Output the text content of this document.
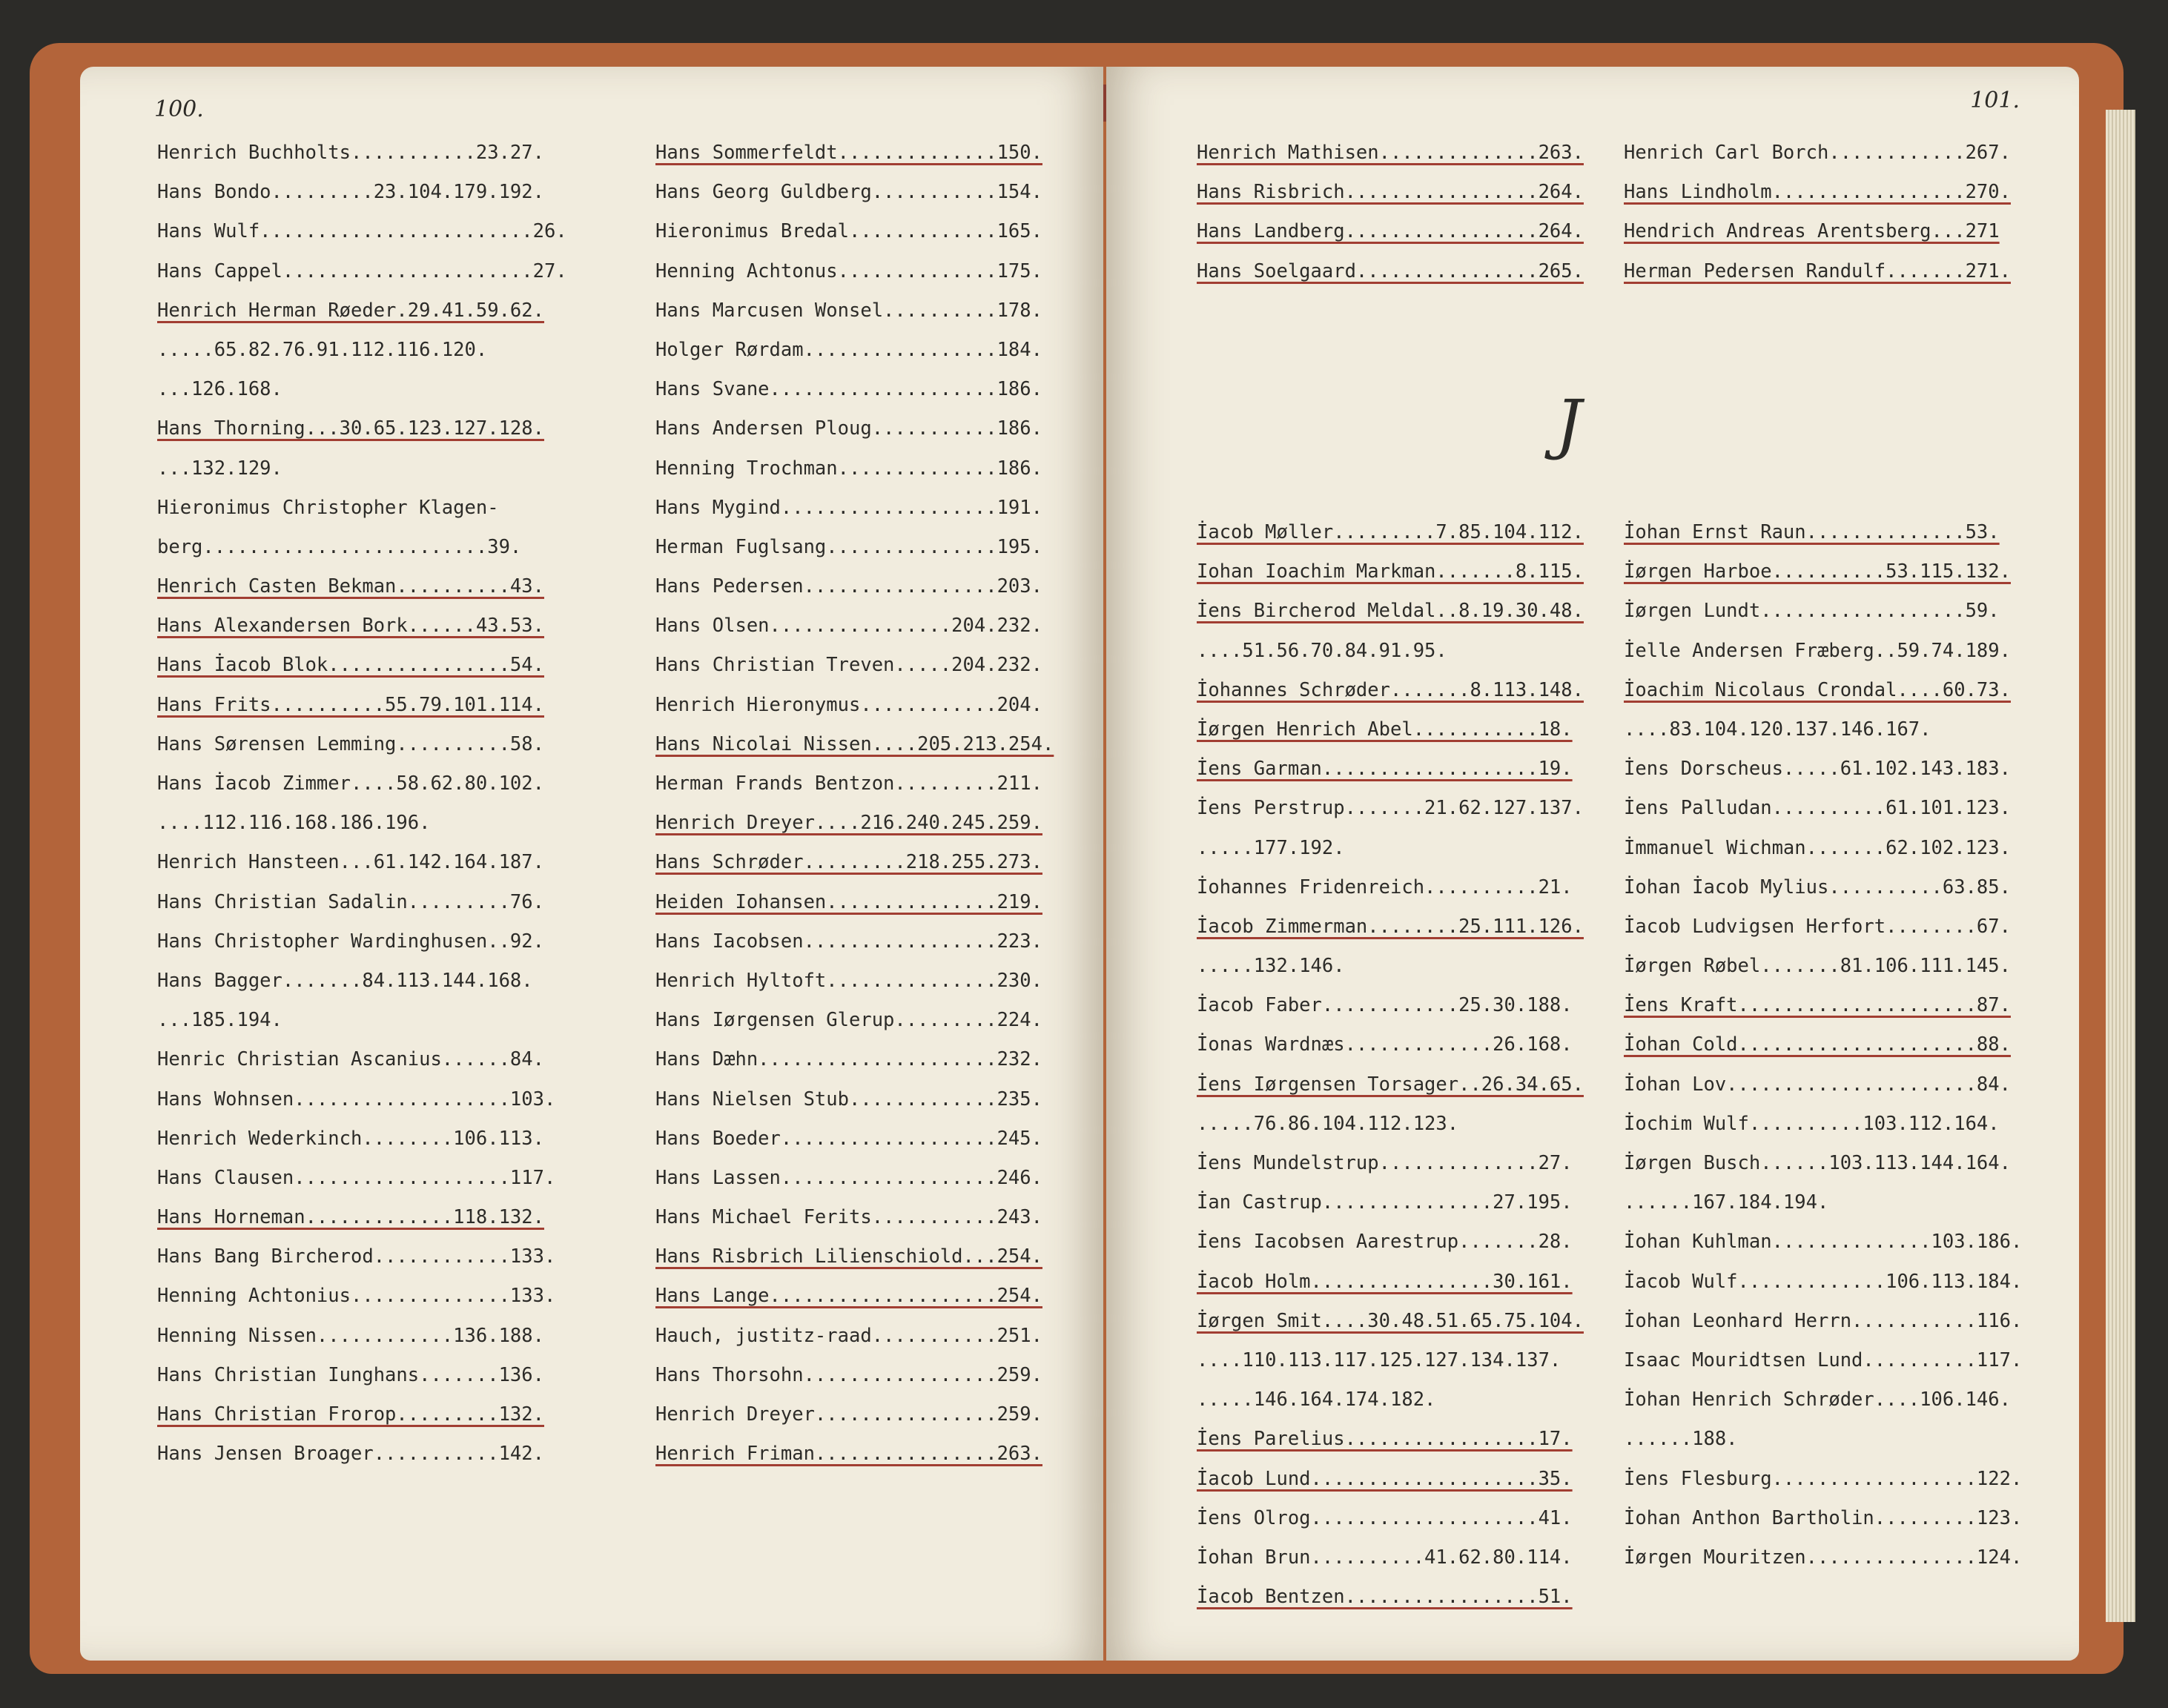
100.	101.
Henrich Buchholts...........23.27.
Hans Bondo.........23.104.179.192.
Hans Wulf........................26.
Hans Cappel......................27.
Henrich Herman Røeder.29.41.59.62.
.....65.82.76.91.112.116.120.
...126.168.
Hans Thorning...30.65.123.127.128.
...132.129.
Hieronimus Christopher Klagen-
berg.........................39.
Henrich Casten Bekman..........43.
Hans Alexandersen Bork......43.53.
Hans İacob Blok................54.
Hans Frits..........55.79.101.114.
Hans Sørensen Lemming..........58.
Hans İacob Zimmer....58.62.80.102.
....112.116.168.186.196.
Henrich Hansteen...61.142.164.187.
Hans Christian Sadalin.........76.
Hans Christopher Wardinghusen..92.
Hans Bagger.......84.113.144.168.
...185.194.
Henric Christian Ascanius......84.
Hans Wohnsen...................103.
Henrich Wederkinch........106.113.
Hans Clausen...................117.
Hans Horneman.............118.132.
Hans Bang Bircherod............133.
Henning Achtonius..............133.
Henning Nissen............136.188.
Hans Christian Iunghans.......136.
Hans Christian Frorop.........132.
Hans Jensen Broager...........142.
Hans Sommerfeldt..............150.
Hans Georg Guldberg...........154.
Hieronimus Bredal.............165.
Henning Achtonus..............175.
Hans Marcusen Wonsel..........178.
Holger Rørdam.................184.
Hans Svane....................186.
Hans Andersen Ploug...........186.
Henning Trochman..............186.
Hans Mygind...................191.
Herman Fuglsang...............195.
Hans Pedersen.................203.
Hans Olsen................204.232.
Hans Christian Treven.....204.232.
Henrich Hieronymus............204.
Hans Nicolai Nissen....205.213.254.
Herman Frands Bentzon.........211.
Henrich Dreyer....216.240.245.259.
Hans Schrøder.........218.255.273.
Heiden Iohansen...............219.
Hans Iacobsen.................223.
Henrich Hyltoft...............230.
Hans Iørgensen Glerup.........224.
Hans Dæhn.....................232.
Hans Nielsen Stub.............235.
Hans Boeder...................245.
Hans Lassen...................246.
Hans Michael Ferits...........243.
Hans Risbrich Lilienschiold...254.
Hans Lange....................254.
Hauch, justitz-raad...........251.
Hans Thorsohn.................259.
Henrich Dreyer................259.
Henrich Friman................263.
Henrich Mathisen..............263.
Hans Risbrich.................264.
Hans Landberg.................264.
Hans Soelgaard................265.
Henrich Carl Borch............267.
Hans Lindholm.................270.
Hendrich Andreas Arentsberg...271
Herman Pedersen Randulf.......271.
J
İacob Møller.........7.85.104.112.
Iohan Ioachim Markman.......8.115.
İens Bircherod Meldal..8.19.30.48.
....51.56.70.84.91.95.
İohannes Schrøder.......8.113.148.
İørgen Henrich Abel...........18.
İens Garman...................19.
İens Perstrup.......21.62.127.137.
.....177.192.
İohannes Fridenreich..........21.
İacob Zimmerman........25.111.126.
.....132.146.
İacob Faber............25.30.188.
İonas Wardnæs.............26.168.
İens Iørgensen Torsager..26.34.65.
.....76.86.104.112.123.
İens Mundelstrup..............27.
İan Castrup...............27.195.
İens Iacobsen Aarestrup.......28.
İacob Holm................30.161.
İørgen Smit....30.48.51.65.75.104.
....110.113.117.125.127.134.137.
.....146.164.174.182.
İens Parelius.................17.
İacob Lund....................35.
İens Olrog....................41.
İohan Brun..........41.62.80.114.
İacob Bentzen.................51.
İohan Ernst Raun..............53.
İørgen Harboe..........53.115.132.
İørgen Lundt..................59.
İelle Andersen Fræberg..59.74.189.
İoachim Nicolaus Crondal....60.73.
....83.104.120.137.146.167.
İens Dorscheus.....61.102.143.183.
İens Palludan..........61.101.123.
İmmanuel Wichman.......62.102.123.
İohan İacob Mylius..........63.85.
İacob Ludvigsen Herfort........67.
İørgen Røbel.......81.106.111.145.
İens Kraft.....................87.
İohan Cold.....................88.
İohan Lov......................84.
İochim Wulf..........103.112.164.
İørgen Busch......103.113.144.164.
......167.184.194.
İohan Kuhlman..............103.186.
İacob Wulf.............106.113.184.
İohan Leonhard Herrn...........116.
Isaac Mouridtsen Lund..........117.
İohan Henrich Schrøder....106.146.
......188.
İens Flesburg..................122.
İohan Anthon Bartholin.........123.
İørgen Mouritzen...............124.
